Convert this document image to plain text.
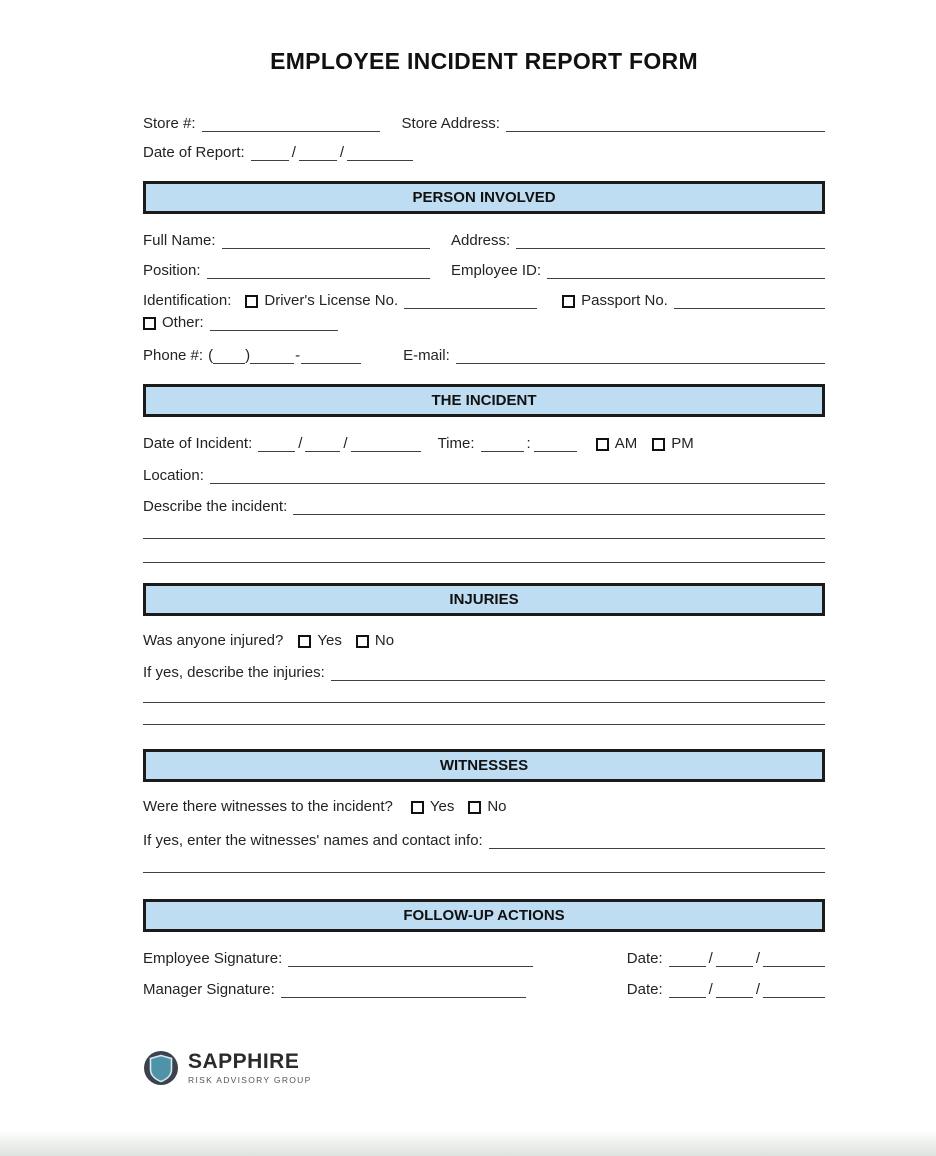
EMPLOYEE INCIDENT REPORT FORM
Store #:	Store Address:
Date of Report:	/	/
PERSON INVOLVED
Full Name:	Address:
Position:	Employee ID:
Identification: Driver's License No.	Passport No.
Other:
Phone #: ( )	-	E-mail:
THE INCIDENT
Date of Incident:	/	/	Time:	:	AM PM
Location:
Describe the incident:
INJURIES
Was anyone injured? Yes No
If yes, describe the injuries:
WITNESSES
Were there witnesses to the incident? Yes No
If yes, enter the witnesses' names and contact info:
FOLLOW-UP ACTIONS
Employee Signature:	Date:	/	/
Manager Signature:	Date:	/	/
SAPPHIRE
RISK ADVISORY GROUP
